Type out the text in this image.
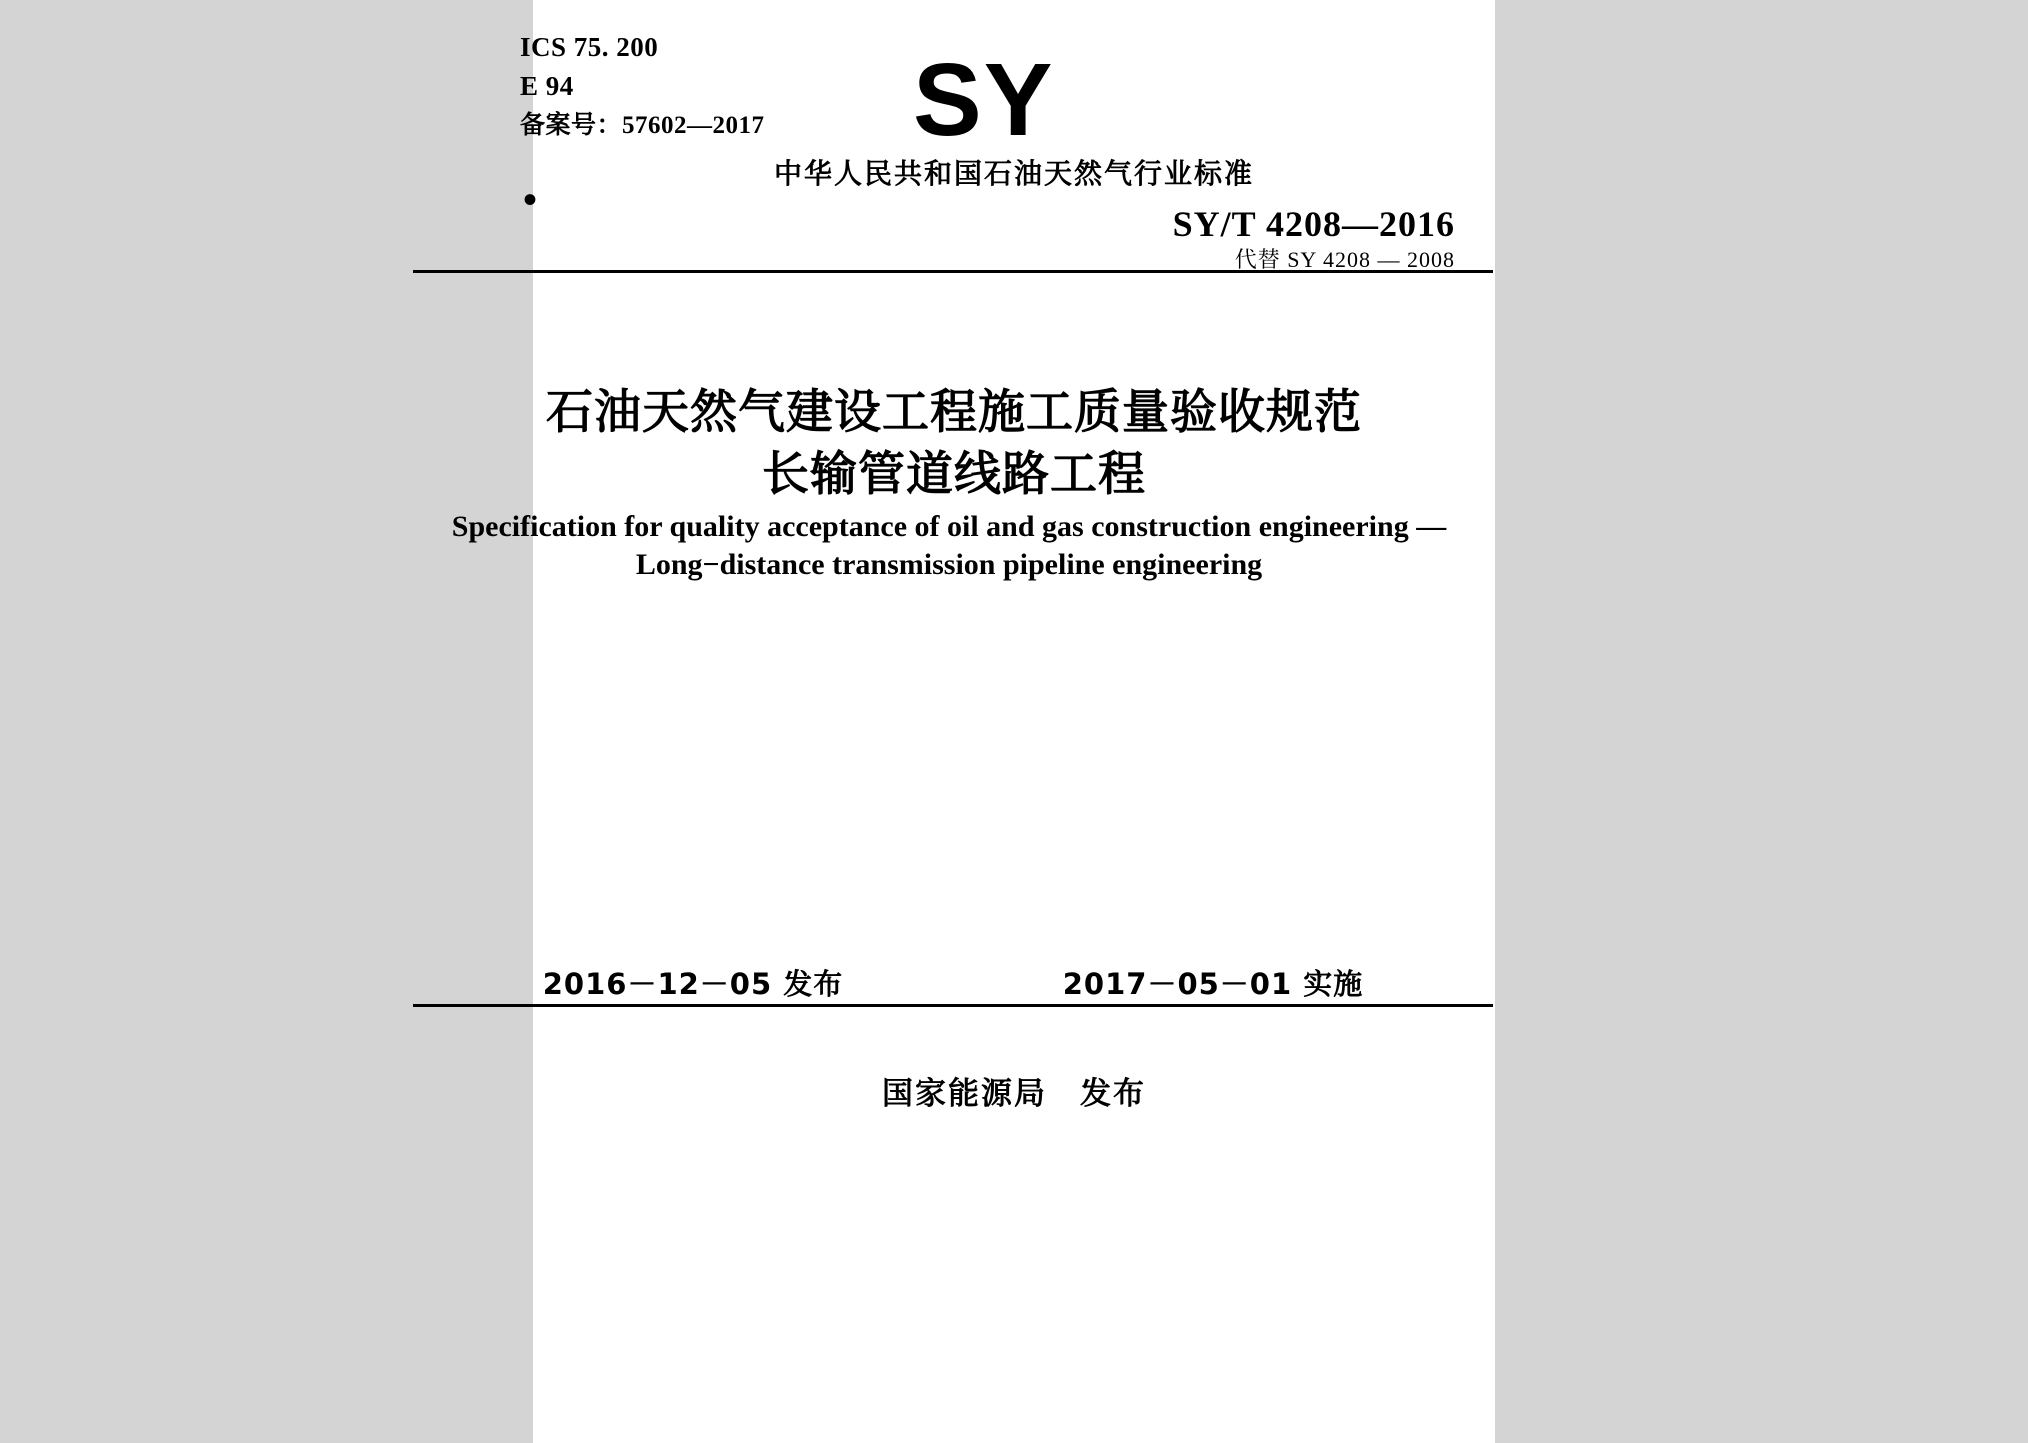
ICS 75. 200
E 94
备案号：57602—2017
•
SY
中华人民共和国石油天然气行业标准
SY/T 4208—2016
代替 SY 4208 — 2008
石油天然气建设工程施工质量验收规范
长输管道线路工程
Specification for quality acceptance of oil and gas construction engineering —
Long−distance transmission pipeline engineering
2016－12－05 发布	2017－05－01 实施
国家能源局　发布
